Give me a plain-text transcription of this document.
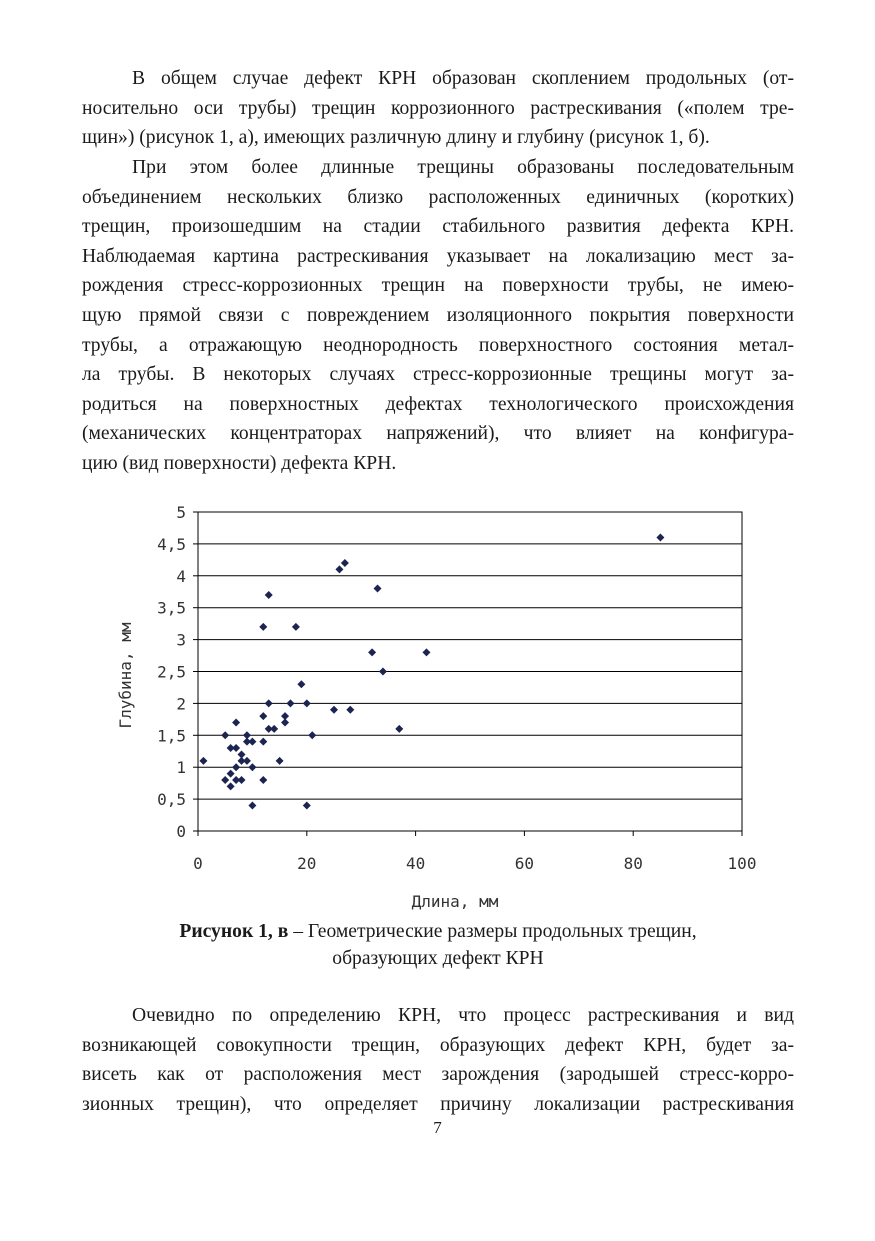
В общем случае дефект КРН образован скоплением продольных (от-
носительно оси трубы) трещин коррозионного растрескивания («полем тре-
щин») (рисунок 1, а), имеющих различную длину и глубину (рисунок 1, б).
При этом более длинные трещины образованы последовательным
объединением нескольких близко расположенных единичных (коротких)
трещин, произошедшим на стадии стабильного развития дефекта КРН.
Наблюдаемая картина растрескивания указывает на локализацию мест за-
рождения стресс-коррозионных трещин на поверхности трубы, не имею-
щую прямой связи с повреждением изоляционного покрытия поверхности
трубы, а отражающую неоднородность поверхностного состояния метал-
ла трубы. В некоторых случаях стресс-коррозионные трещины могут за-
родиться на поверхностных дефектах технологического происхождения
(механических концентраторах напряжений), что влияет на конфигура-
цию (вид поверхности) дефекта КРН.
0
0,5
1
1,5
2
2,5
3
3,5
4
4,5
5
0	20	40	60	80	100
Длина, мм
Глубина, мм
Рисунок 1, в – Геометрические размеры продольных трещин,
образующих дефект КРН
Очевидно по определению КРН, что процесс растрескивания и вид
возникающей совокупности трещин, образующих дефект КРН, будет за-
висеть как от расположения мест зарождения (зародышей стресс-корро-
зионных трещин), что определяет причину локализации растрескивания
7
